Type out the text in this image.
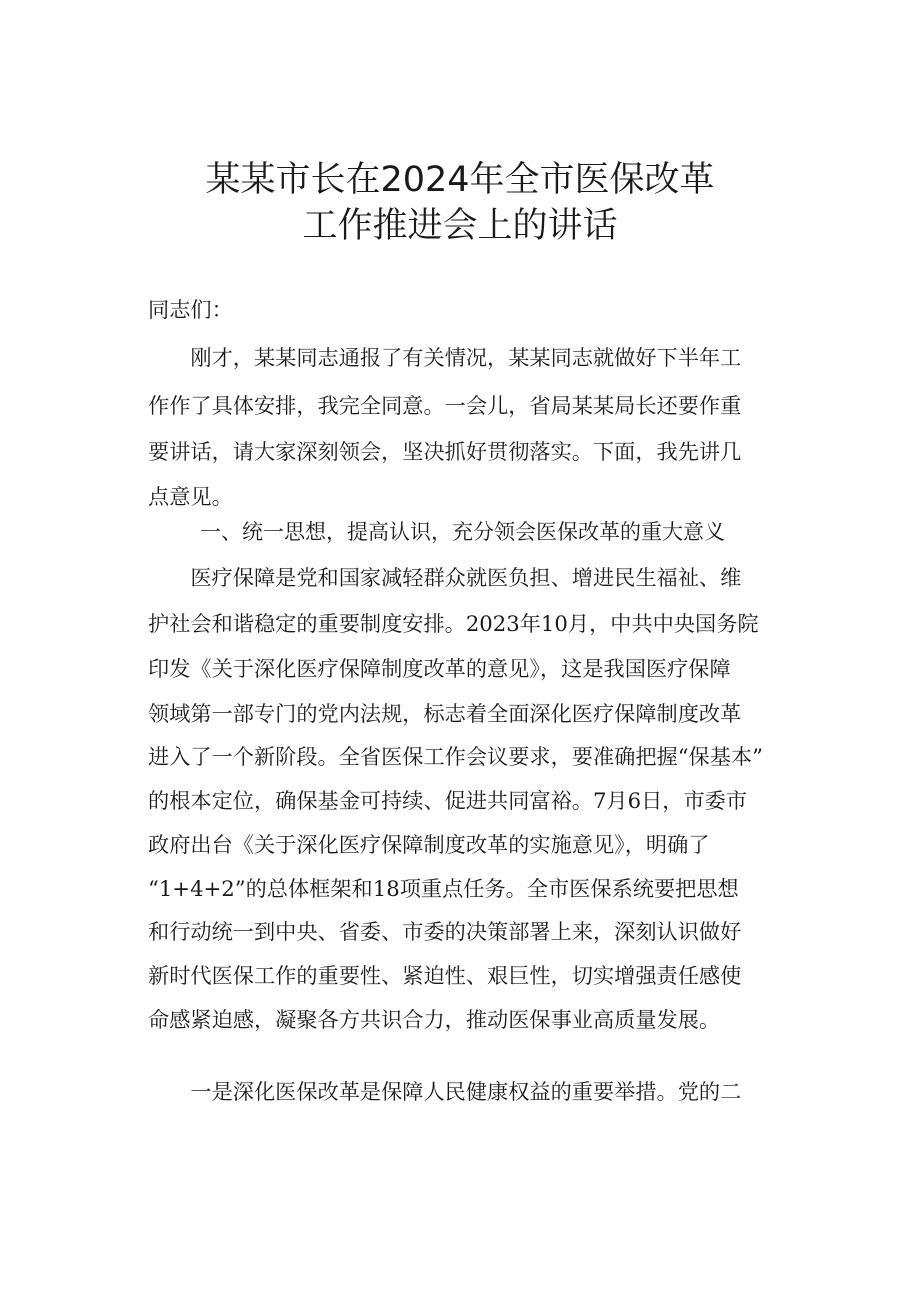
某某市长在2024年全市医保改革
工作推进会上的讲话
同志们：
　　刚才，某某同志通报了有关情况，某某同志就做好下半年工
作作了具体安排，我完全同意。一会儿，省局某某局长还要作重
要讲话，请大家深刻领会，坚决抓好贯彻落实。下面，我先讲几
点意见。
一、统一思想，提高认识，充分领会医保改革的重大意义
　　医疗保障是党和国家减轻群众就医负担、增进民生福祉、维
护社会和谐稳定的重要制度安排。2023年10月，中共中央国务院
印发《关于深化医疗保障制度改革的意见》，这是我国医疗保障
领域第一部专门的党内法规，标志着全面深化医疗保障制度改革
进入了一个新阶段。全省医保工作会议要求，要准确把握“保基本”
的根本定位，确保基金可持续、促进共同富裕。7月6日，市委市
政府出台《关于深化医疗保障制度改革的实施意见》，明确了
“1+4+2”的总体框架和18项重点任务。全市医保系统要把思想
和行动统一到中央、省委、市委的决策部署上来，深刻认识做好
新时代医保工作的重要性、紧迫性、艰巨性，切实增强责任感使
命感紧迫感，凝聚各方共识合力，推动医保事业高质量发展。
　　一是深化医保改革是保障人民健康权益的重要举措。党的二
